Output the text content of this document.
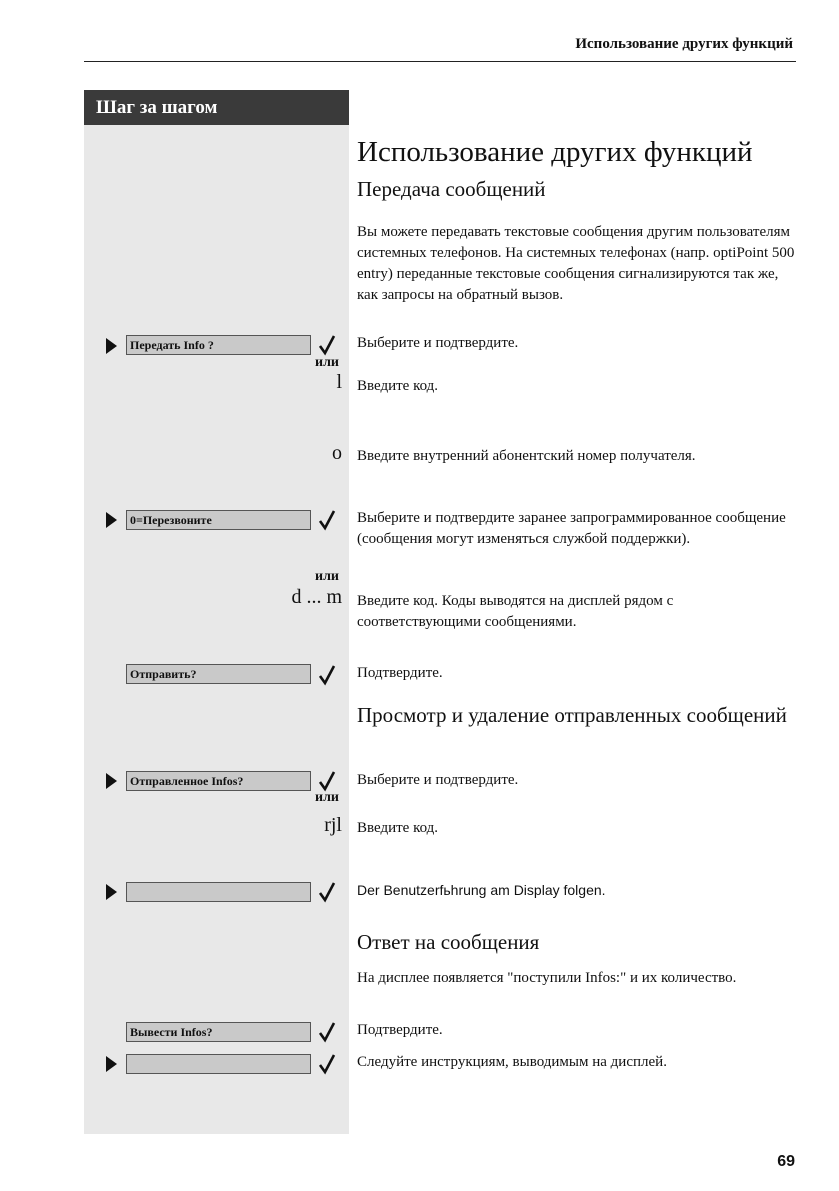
Использование других функций
Шаг за шагом
Использование других функций
Передача сообщений
Вы можете передавать текстовые сообщения другим пользователям системных телефонов. На системных телефонах (напр. optiPoint 500 entry) переданные текстовые сообщения сигнализируются так же, как запросы на обратный вызов.
Передать Info ?	Выберите и подтвердите.
или
l Введите код.
o Введите внутренний абонентский номер получателя.
0=Перезвоните	Выберите и подтвердите заранее запрограммированное сообщение (сообщения могут изменяться службой поддержки).
или
d ... m Введите код. Коды выводятся на дисплей рядом с соответствующими сообщениями.
Отправить?	Подтвердите.
Просмотр и удаление отправленных сообщений
Отправленное Infos?	Выберите и подтвердите.
или
rjl Введите код.
Der Benutzerfьhrung am Display folgen.
Ответ на сообщения
На дисплее появляется "поступили Infos:" и их количество.
Вывести Infos?	Подтвердите.
Следуйте инструкциям, выводимым на дисплей.
69
